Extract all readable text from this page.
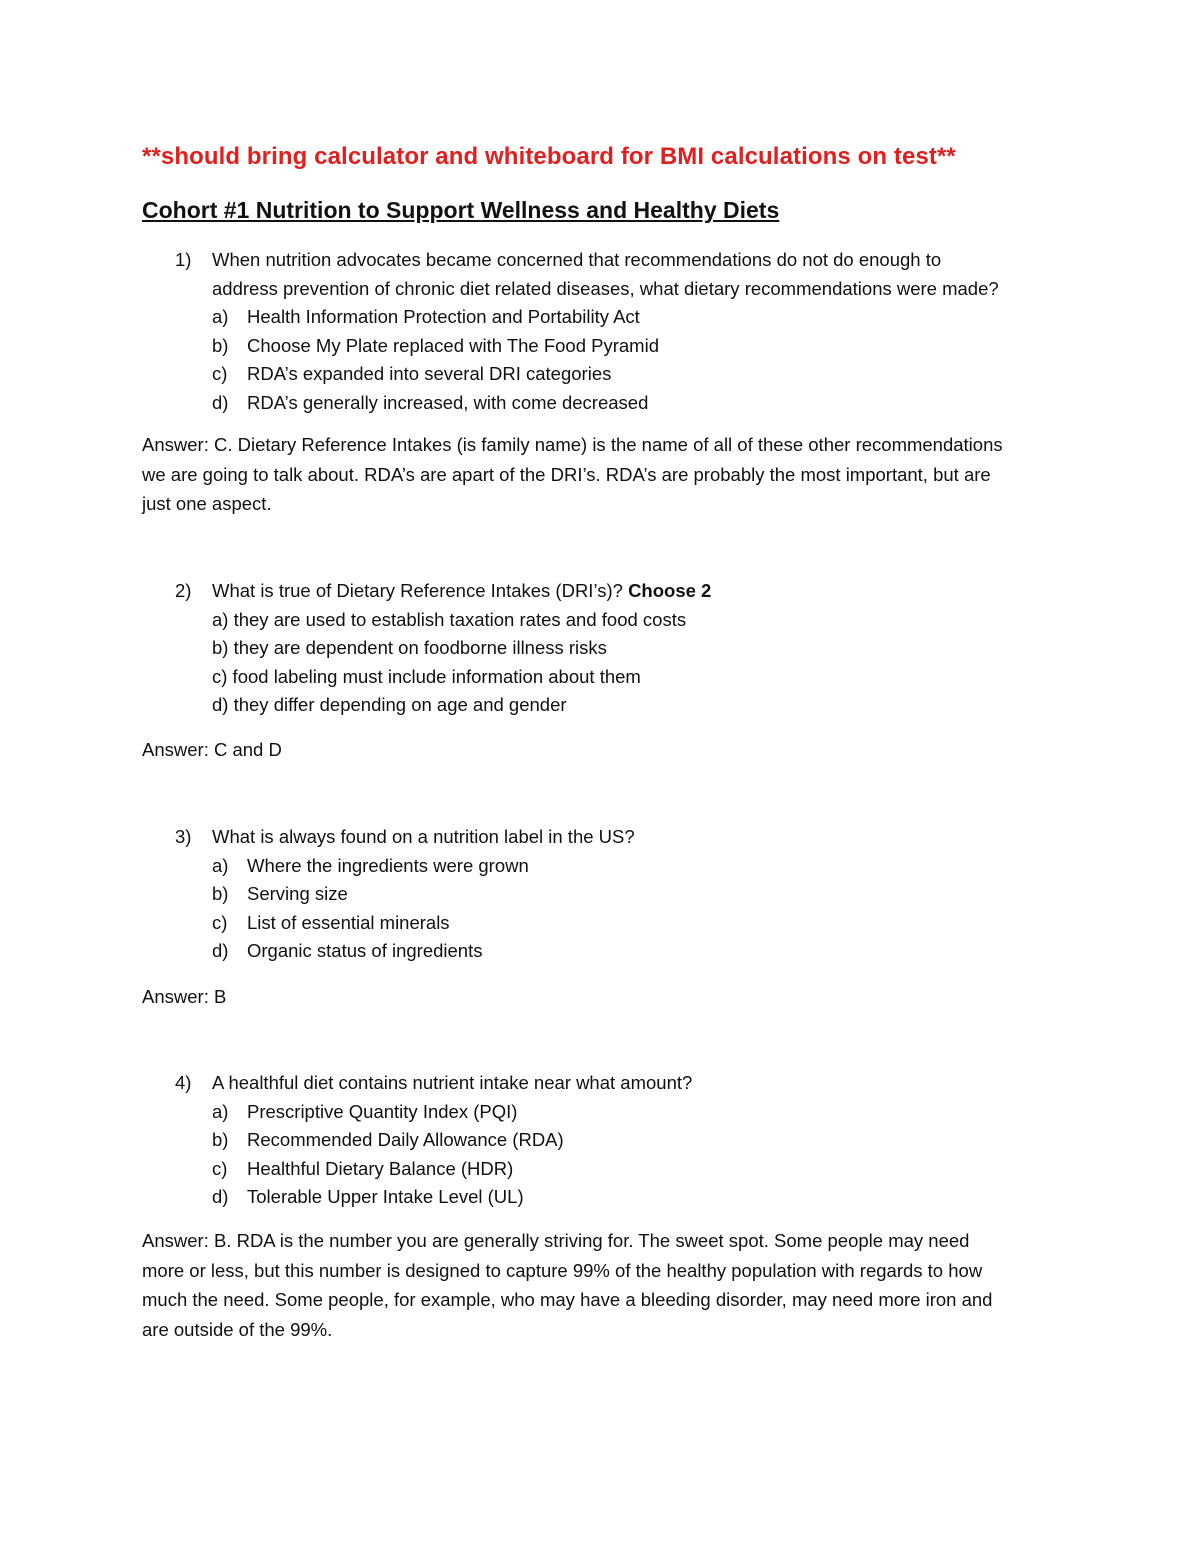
**should bring calculator and whiteboard for BMI calculations on test**
Cohort #1 Nutrition to Support Wellness and Healthy Diets
1) When nutrition advocates became concerned that recommendations do not do enough to
address prevention of chronic diet related diseases, what dietary recommendations were made?
a) Health Information Protection and Portability Act
b) Choose My Plate replaced with The Food Pyramid
c) RDA’s expanded into several DRI categories
d) RDA’s generally increased, with come decreased
Answer: C. Dietary Reference Intakes (is family name) is the name of all of these other recommendations
we are going to talk about. RDA’s are apart of the DRI’s. RDA’s are probably the most important, but are
just one aspect.
2) What is true of Dietary Reference Intakes (DRI’s)? Choose 2
a) they are used to establish taxation rates and food costs
b) they are dependent on foodborne illness risks
c) food labeling must include information about them
d) they differ depending on age and gender
Answer: C and D
3) What is always found on a nutrition label in the US?
a) Where the ingredients were grown
b) Serving size
c) List of essential minerals
d) Organic status of ingredients
Answer: B
4) A healthful diet contains nutrient intake near what amount?
a) Prescriptive Quantity Index (PQI)
b) Recommended Daily Allowance (RDA)
c) Healthful Dietary Balance (HDR)
d) Tolerable Upper Intake Level (UL)
Answer: B. RDA is the number you are generally striving for. The sweet spot. Some people may need
more or less, but this number is designed to capture 99% of the healthy population with regards to how
much the need. Some people, for example, who may have a bleeding disorder, may need more iron and
are outside of the 99%.
